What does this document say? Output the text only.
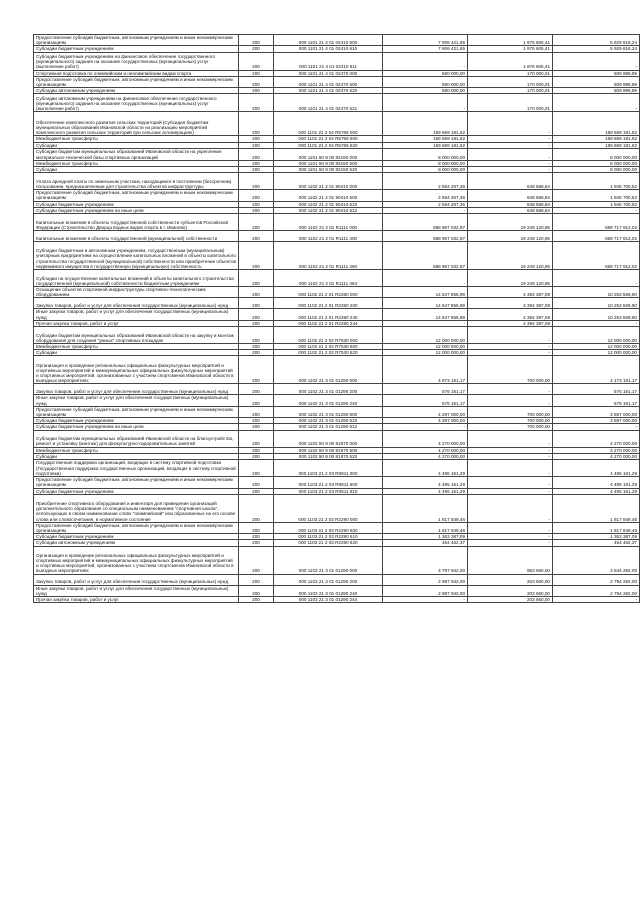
Предоставление субсидий бюджетным, автономным учреждениям и иным некоммерческим организациям	200	000 1101 21 4 01 02410 600	7 906 421,65	1 976 605,41	5 929 816,24
Субсидии бюджетным учреждениям	200	000 1101 21 4 01 02410 610	7 906 421,65	1 976 605,41	5 929 816,24
Субсидии бюджетным учреждениям на финансовое обеспечение государственного (муниципального) задания на оказание государственных (муниципальных) услуг (выполнение работ)	200	000 1101 21 4 01 02410 611	-	1 976 605,41	-
Спортивная подготовка по олимпийским и неолимпийским видам спорта	200	000 1101 21 4 01 02470 000	680 000,00	170 000,01	509 999,99
Предоставление субсидий бюджетным, автономным учреждениям и иным некоммерческим организациям	200	000 1101 21 4 01 02470 600	680 000,00	170 000,01	509 999,99
Субсидии автономным учреждениям	200	000 1101 21 4 01 02470 620	680 000,00	170 000,01	509 999,99
Субсидии автономным учреждениям на финансовое обеспечение государственного (муниципального) задания на оказание государственных (муниципальных) услуг (выполнение работ)	200	000 1101 21 4 01 02470 621	-	170 000,01	-
Обеспечение комплексного развития сельских территорий (Субсидия бюджетам муниципальных образований Ивановской области на реализацию мероприятий комплексного развития сельских территорий при сельских агломерациях)	200	000 1101 21 2 04 R5766 000	159 669 181,62	-	159 669 181,62
Межбюджетные трансферты	200	000 1101 21 2 04 R5766 500	159 669 181,62	-	159 669 181,62
Субсидии	200	000 1101 21 2 04 R5766 520	159 669 181,62	-	159 669 181,62
Субсидии бюджетам муниципальных образований Ивановской области на укрепление материально-технической базы спортивных организаций	200	000 1101 50 9 00 83150 000	8 000 000,00	-	8 000 000,00
Межбюджетные трансферты	200	000 1101 50 9 00 83150 500	8 000 000,00	-	8 000 000,00
Субсидии	200	000 1101 50 9 00 83150 520	8 000 000,00	-	8 000 000,00
Уплата арендной платы по земельным участкам, находящимся в постоянном (бессрочном) пользовании, предназначенным для строительства объектов инфраструктуры	200	000 1102 21 2 01 90410 000	2 594 267,36	648 566,84	1 945 700,52
Предоставление субсидий бюджетным, автономным учреждениям и иным некоммерческим организациям	200	000 1102 21 2 01 90410 600	2 594 267,36	648 566,84	1 945 700,52
Субсидии бюджетным учреждениям	200	000 1102 21 2 01 90410 610	2 594 267,36	648 566,84	1 945 700,52
Субсидии бюджетным учреждениям на иные цели	200	000 1102 21 2 01 90410 612	-	648 566,84	-
Капитальные вложения в объекты государственной собственности субъектов Российской Федерации (Строительство Дворца водных видов спорта в г. Иваново)	200	000 1102 21 2 01 R1111 000	688 967 032,97	19 249 120,95	669 717 912,02
Капитальные вложения в объекты государственной (муниципальной) собственности	200	000 1102 21 2 01 R1111 400	688 967 032,97	19 249 120,95	669 717 912,02
Субсидии бюджетным и автономным учреждениям, государственным (муниципальным) унитарным предприятиям на осуществление капитальных вложений в объекты капитального строительства государственной (муниципальной) собственности или приобретение объектов недвижимого имущества в государственную (муниципальную) собственность	200	000 1102 21 2 01 R1111 460	688 967 032,97	19 249 120,95	669 717 912,02
Субсидии на осуществление капитальных вложений в объекты капитального строительства государственной (муниципальной) собственности бюджетным учреждениям	200	000 1102 21 2 01 R1111 464	-	19 249 120,95	-
Оснащение объектов спортивной инфраструктуры спортивно-технологическим оборудованием	200	000 1102 21 2 01 R2280 000	14 647 956,99	4 394 387,09	10 253 569,90
Закупка товаров, работ и услуг для обеспечения государственных (муниципальных) нужд	200	000 1102 21 2 01 R2280 200	14 647 956,99	4 394 387,09	10 253 569,90
Иные закупки товаров, работ и услуг для обеспечения государственных (муниципальных) нужд	200	000 1102 21 2 01 R2280 240	14 647 956,99	4 394 387,09	10 253 569,90
Прочая закупка товаров, работ и услуг	200	000 1102 21 2 01 R2280 244	-	4 394 387,09	-
Субсидии бюджетам муниципальных образований Ивановской области на закупку и монтаж оборудования для создания "умных" спортивных площадок	200	000 1102 21 2 02 R7530 000	12 000 000,00	-	12 000 000,00
Межбюджетные трансферты	200	000 1102 21 2 02 R7530 500	12 000 000,00	-	12 000 000,00
Субсидии	200	000 1102 21 2 02 R7530 520	12 000 000,00	-	12 000 000,00
Организация и проведение региональных официальных физкультурных мероприятий и спортивных мероприятий и межмуниципальных официальных физкультурных мероприятий и спортивных мероприятий, организованных с участием спортсменов Ивановской области в выездных мероприятиях	200	000 1102 21 3 01 01290 000	4 873 161,17	700 000,00	4 173 161,17
Закупка товаров, работ и услуг для обеспечения государственных (муниципальных) нужд	200	000 1102 21 3 01 01290 200	576 161,17	-	576 161,17
Иные закупки товаров, работ и услуг для обеспечения государственных (муниципальных) нужд	200	000 1102 21 3 01 01290 240	576 161,17	-	576 161,17
Предоставление субсидий бюджетным, автономным учреждениям и иным некоммерческим организациям	200	000 1102 21 3 01 01290 600	4 297 000,00	700 000,00	3 597 000,00
Субсидии бюджетным учреждениям	200	000 1102 21 3 01 01290 610	4 297 000,00	700 000,00	3 597 000,00
Субсидии бюджетным учреждениям на иные цели	200	000 1102 21 3 01 01290 612	-	700 000,00	-
Субсидии бюджетам муниципальных образований Ивановской области на благоустройство, ремонт и установку (монтаж) для физкультурно-оздоровительных занятий	200	000 1102 50 9 00 81970 000	4 270 000,00	-	4 270 000,00
Межбюджетные трансферты	200	000 1102 50 9 00 81970 500	4 270 000,00	-	4 270 000,00
Субсидии	200	000 1102 50 9 00 81970 520	4 270 000,00	-	4 270 000,00
Государственная поддержка организаций, входящих в систему спортивной подготовки (Государственная поддержка государственных организаций, входящих в систему спортивной подготовки)	200	000 1103 21 2 03 R0811 000	4 495 161,29	-	4 495 161,29
Предоставление субсидий бюджетным, автономным учреждениям и иным некоммерческим организациям	200	000 1103 21 2 03 R0811 600	4 495 161,29	-	4 495 161,29
Субсидии бюджетным учреждениям	200	000 1103 21 2 03 R0811 610	4 495 161,29	-	4 495 161,29
Приобретение спортивного оборудования и инвентаря для приведения организаций дополнительного образования со специальным наименованием "спортивная школа", использующих в своем наименовании слово "олимпийский" или образованных на его основе слова или словосочетания, в нормативное состояние	200	000 1103 21 2 03 R2290 000	1 817 849,46	-	1 817 849,46
Предоставление субсидий бюджетным, автономным учреждениям и иным некоммерческим организациям	200	000 1103 21 2 03 R2290 600	1 817 849,46	-	1 817 849,46
Субсидии бюджетным учреждениям	200	000 1103 21 2 03 R2290 610	1 363 387,09	-	1 363 387,09
Субсидии автономным учреждениям	200	000 1103 21 2 03 R2290 620	454 462,37	-	454 462,37
Организация и проведение региональных официальных физкультурных мероприятий и спортивных мероприятий и межмуниципальных официальных физкультурных мероприятий и спортивных мероприятий, организованных с участием спортсменов Ивановской области в выездных мероприятиях	200	000 1103 21 3 01 01290 000	4 797 942,00	953 660,00	3 844 282,00
Закупка товаров, работ и услуг для обеспечения государственных (муниципальных) нужд	200	000 1103 21 3 01 01290 200	2 997 942,00	203 660,00	2 794 282,00
Иные закупки товаров, работ и услуг для обеспечения государственных (муниципальных) нужд	200	000 1103 21 3 01 01290 240	2 997 942,00	203 660,00	2 794 282,00
Прочая закупка товаров, работ и услуг	200	000 1103 21 3 01 01290 244	-	203 660,00	-
